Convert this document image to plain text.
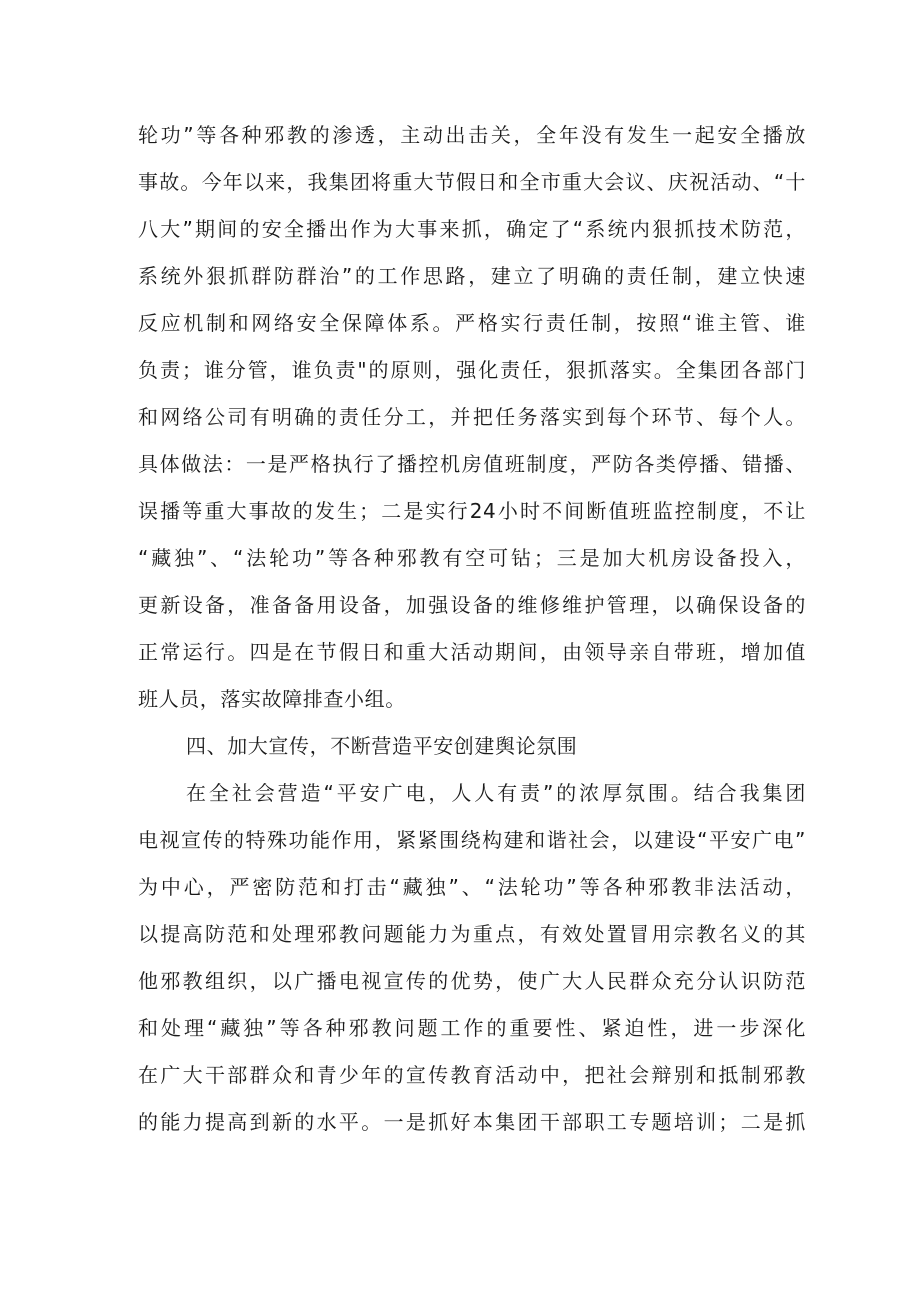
轮功”等各种邪教的渗透，主动出击关，全年没有发生一起安全播放
事故。今年以来，我集团将重大节假日和全市重大会议、庆祝活动、“十
八大”期间的安全播出作为大事来抓，确定了“系统内狠抓技术防范，
系统外狠抓群防群治”的工作思路，建立了明确的责任制，建立快速
反应机制和网络安全保障体系。严格实行责任制，按照“谁主管、谁
负责；谁分管，谁负责"的原则，强化责任，狠抓落实。全集团各部门
和网络公司有明确的责任分工，并把任务落实到每个环节、每个人。
具体做法：一是严格执行了播控机房值班制度，严防各类停播、错播、
误播等重大事故的发生；二是实行24小时不间断值班监控制度，不让
“藏独”、“法轮功”等各种邪教有空可钻；三是加大机房设备投入，
更新设备，准备备用设备，加强设备的维修维护管理，以确保设备的
正常运行。四是在节假日和重大活动期间，由领导亲自带班，增加值
班人员，落实故障排查小组。
四、加大宣传，不断营造平安创建舆论氛围
在全社会营造“平安广电，人人有责”的浓厚氛围。结合我集团
电视宣传的特殊功能作用，紧紧围绕构建和谐社会，以建设“平安广电”
为中心，严密防范和打击“藏独”、“法轮功”等各种邪教非法活动，
以提高防范和处理邪教问题能力为重点，有效处置冒用宗教名义的其
他邪教组织，以广播电视宣传的优势，使广大人民群众充分认识防范
和处理“藏独”等各种邪教问题工作的重要性、紧迫性，进一步深化
在广大干部群众和青少年的宣传教育活动中，把社会辩别和抵制邪教
的能力提高到新的水平。一是抓好本集团干部职工专题培训；二是抓
